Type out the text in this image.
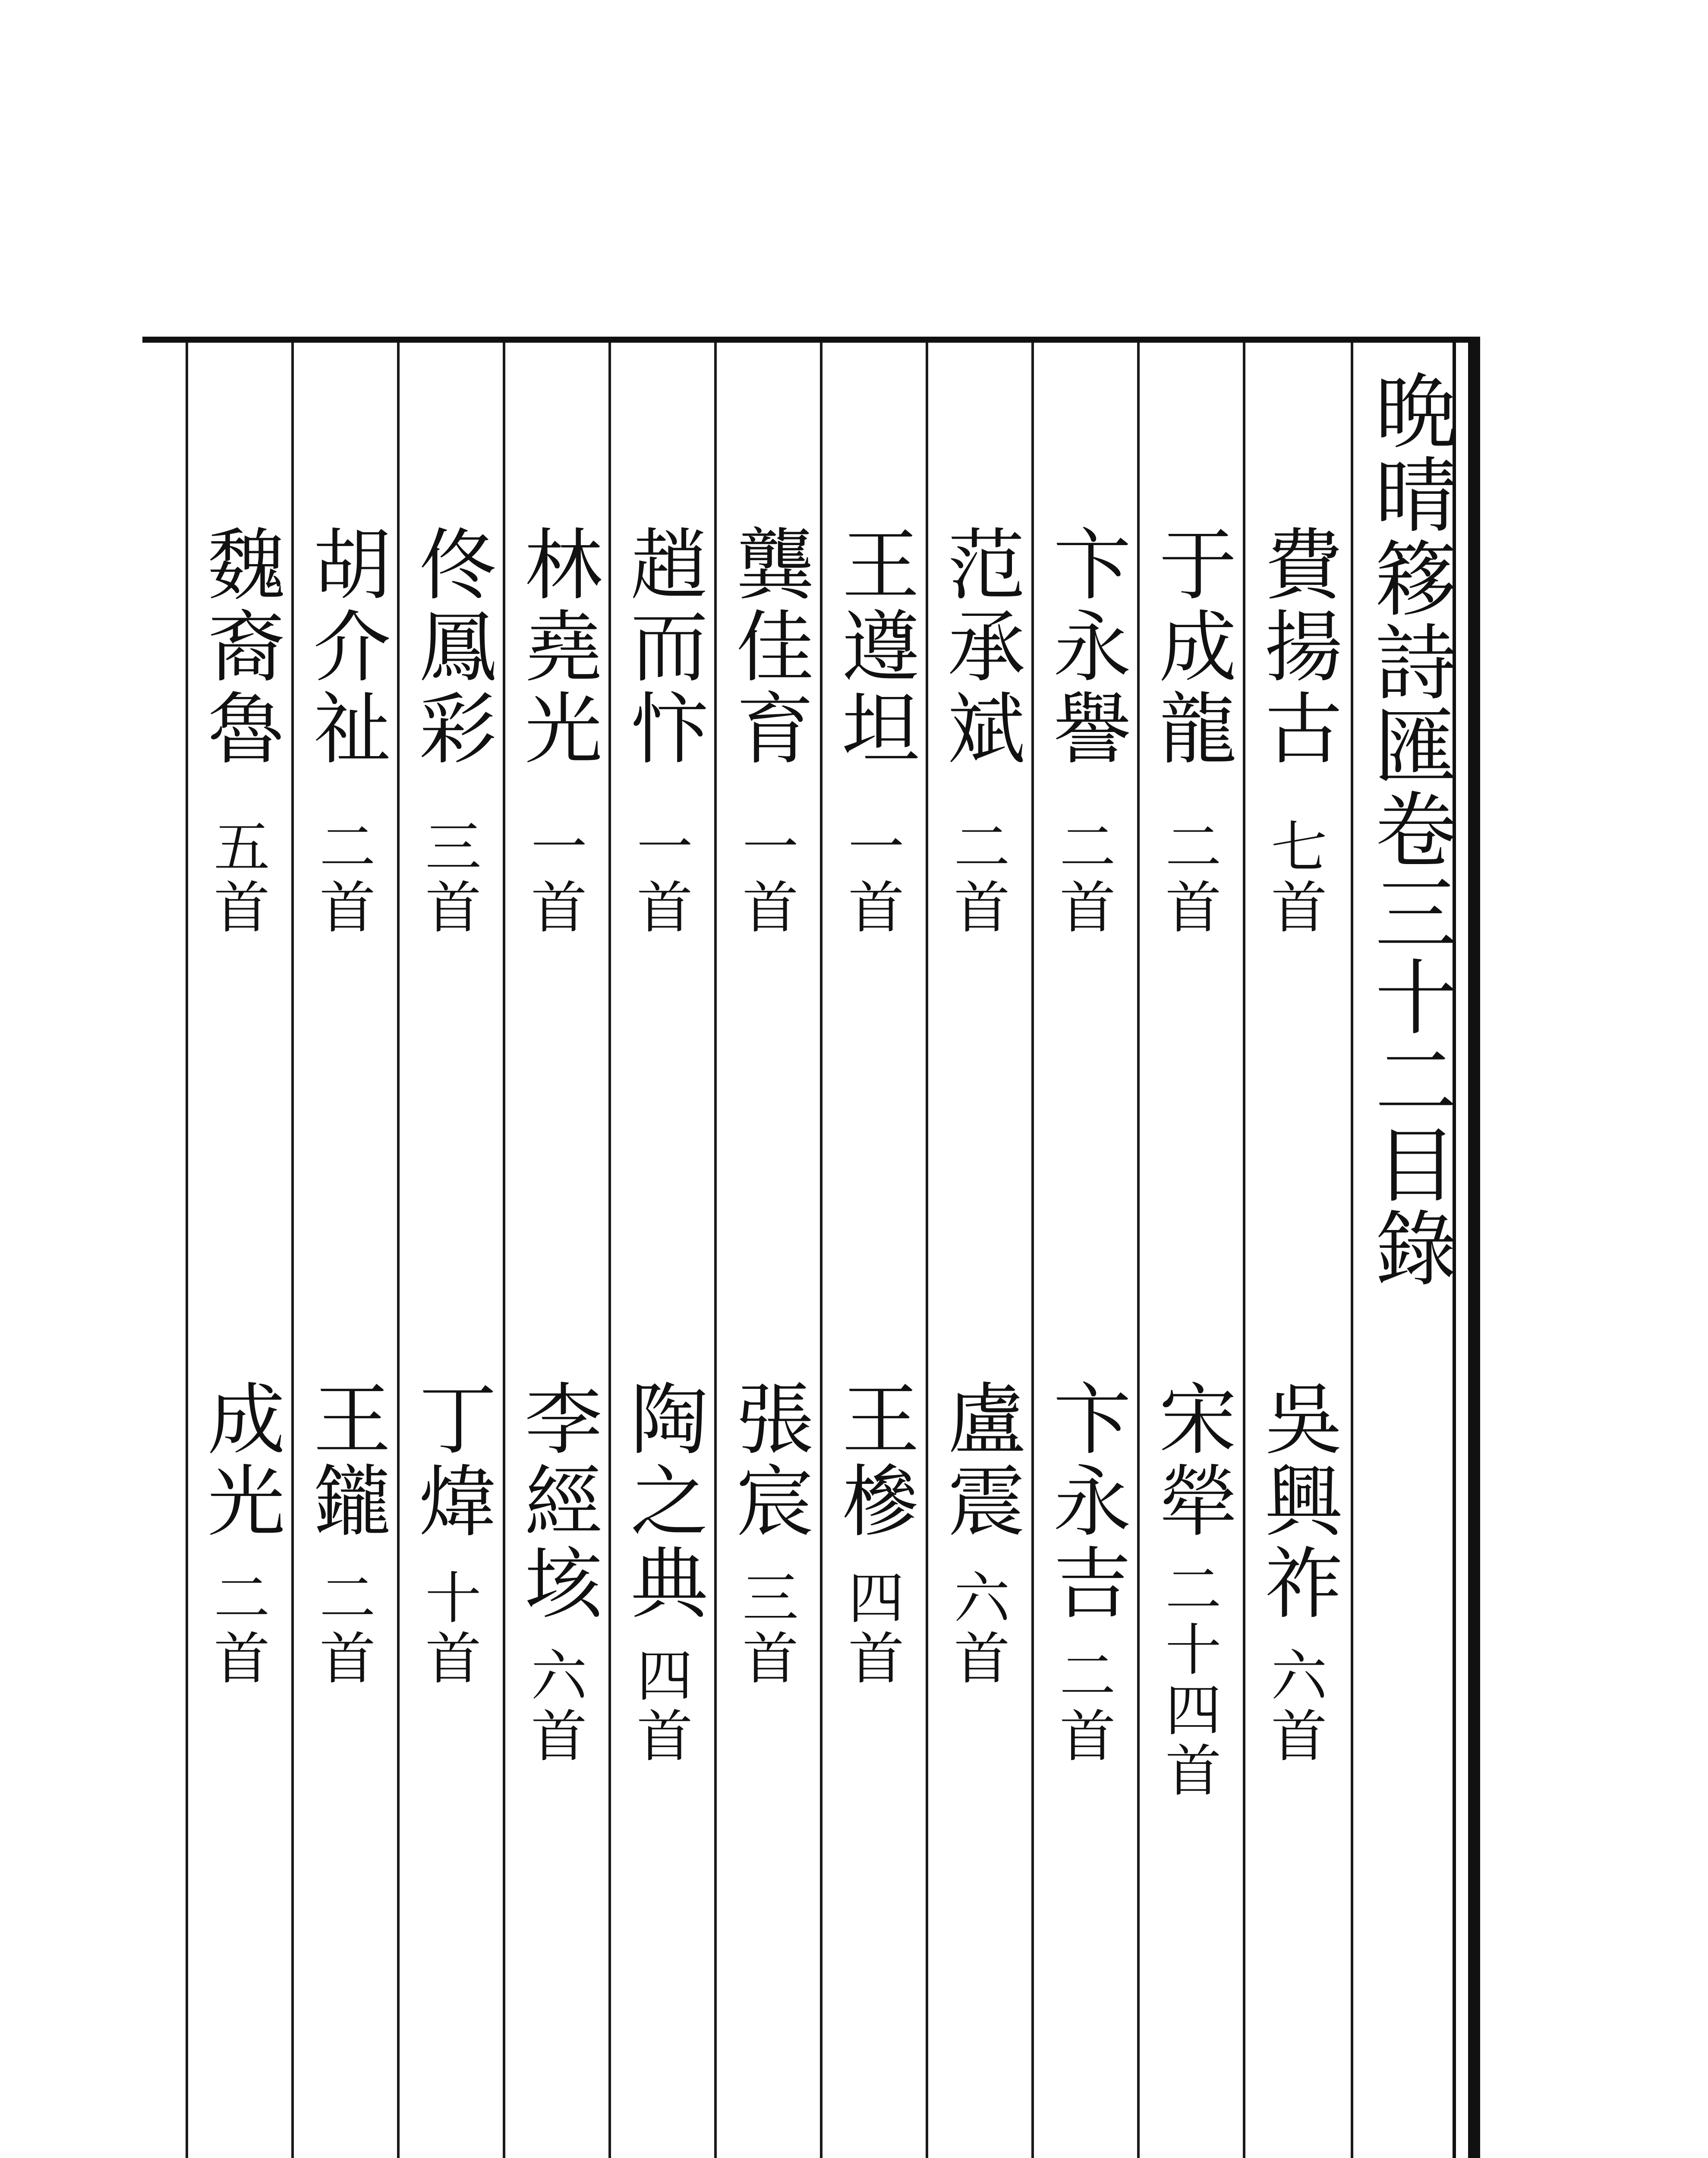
晩晴簃詩匯卷三十二目錄
費揚古
七首
吳興祚
六首
于成龍
二首
宋犖
二十四首
卞永譽
二首
卞永吉
二首
范承斌
二首
盧震
六首
王遵坦
一首
王槮
四首
龔佳育
一首
張宸
三首
趙而忭
一首
陶之典
四首
林堯光
一首
李經垓
六首
佟鳳彩
三首
丁煒
十首
胡介祉
二首
王鑨
二首
魏裔魯
五首
成光
二首
